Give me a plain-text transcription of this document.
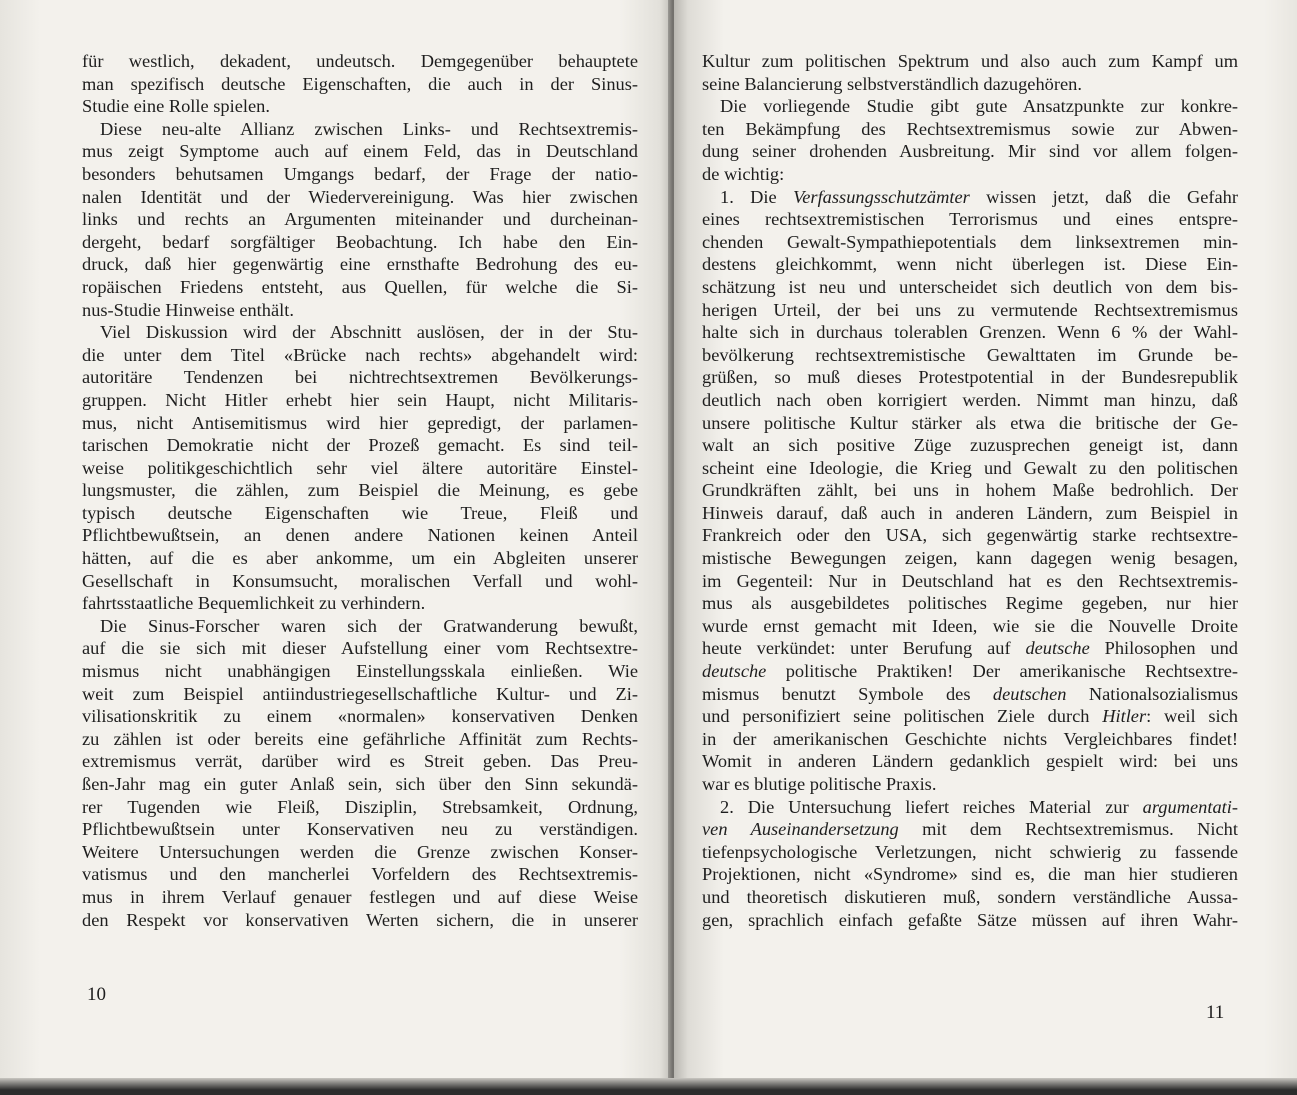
für westlich, dekadent, undeutsch. Demgegenüber behauptete
man spezifisch deutsche Eigenschaften, die auch in der Sinus-
Studie eine Rolle spielen.
Diese neu-alte Allianz zwischen Links- und Rechtsextremis-
mus zeigt Symptome auch auf einem Feld, das in Deutschland
besonders behutsamen Umgangs bedarf, der Frage der natio-
nalen Identität und der Wiedervereinigung. Was hier zwischen
links und rechts an Argumenten miteinander und durcheinan-
dergeht, bedarf sorgfältiger Beobachtung. Ich habe den Ein-
druck, daß hier gegenwärtig eine ernsthafte Bedrohung des eu-
ropäischen Friedens entsteht, aus Quellen, für welche die Si-
nus-Studie Hinweise enthält.
Viel Diskussion wird der Abschnitt auslösen, der in der Stu-
die unter dem Titel «Brücke nach rechts» abgehandelt wird:
autoritäre Tendenzen bei nichtrechtsextremen Bevölkerungs-
gruppen. Nicht Hitler erhebt hier sein Haupt, nicht Militaris-
mus, nicht Antisemitismus wird hier gepredigt, der parlamen-
tarischen Demokratie nicht der Prozeß gemacht. Es sind teil-
weise politikgeschichtlich sehr viel ältere autoritäre Einstel-
lungsmuster, die zählen, zum Beispiel die Meinung, es gebe
typisch deutsche Eigenschaften wie Treue, Fleiß und
Pflichtbewußtsein, an denen andere Nationen keinen Anteil
hätten, auf die es aber ankomme, um ein Abgleiten unserer
Gesellschaft in Konsumsucht, moralischen Verfall und wohl-
fahrtsstaatliche Bequemlichkeit zu verhindern.
Die Sinus-Forscher waren sich der Gratwanderung bewußt,
auf die sie sich mit dieser Aufstellung einer vom Rechtsextre-
mismus nicht unabhängigen Einstellungsskala einließen. Wie
weit zum Beispiel antiindustriegesellschaftliche Kultur- und Zi-
vilisationskritik zu einem «normalen» konservativen Denken
zu zählen ist oder bereits eine gefährliche Affinität zum Rechts-
extremismus verrät, darüber wird es Streit geben. Das Preu-
ßen-Jahr mag ein guter Anlaß sein, sich über den Sinn sekundä-
rer Tugenden wie Fleiß, Disziplin, Strebsamkeit, Ordnung,
Pflichtbewußtsein unter Konservativen neu zu verständigen.
Weitere Untersuchungen werden die Grenze zwischen Konser-
vatismus und den mancherlei Vorfeldern des Rechtsextremis-
mus in ihrem Verlauf genauer festlegen und auf diese Weise
den Respekt vor konservativen Werten sichern, die in unserer
10
Kultur zum politischen Spektrum und also auch zum Kampf um
seine Balancierung selbstverständlich dazugehören.
Die vorliegende Studie gibt gute Ansatzpunkte zur konkre-
ten Bekämpfung des Rechtsextremismus sowie zur Abwen-
dung seiner drohenden Ausbreitung. Mir sind vor allem folgen-
de wichtig:
1. Die Verfassungsschutzämter wissen jetzt, daß die Gefahr
eines rechtsextremistischen Terrorismus und eines entspre-
chenden Gewalt-Sympathiepotentials dem linksextremen min-
destens gleichkommt, wenn nicht überlegen ist. Diese Ein-
schätzung ist neu und unterscheidet sich deutlich von dem bis-
herigen Urteil, der bei uns zu vermutende Rechtsextremismus
halte sich in durchaus tolerablen Grenzen. Wenn 6 % der Wahl-
bevölkerung rechtsextremistische Gewalttaten im Grunde be-
grüßen, so muß dieses Protestpotential in der Bundesrepublik
deutlich nach oben korrigiert werden. Nimmt man hinzu, daß
unsere politische Kultur stärker als etwa die britische der Ge-
walt an sich positive Züge zuzusprechen geneigt ist, dann
scheint eine Ideologie, die Krieg und Gewalt zu den politischen
Grundkräften zählt, bei uns in hohem Maße bedrohlich. Der
Hinweis darauf, daß auch in anderen Ländern, zum Beispiel in
Frankreich oder den USA, sich gegenwärtig starke rechtsextre-
mistische Bewegungen zeigen, kann dagegen wenig besagen,
im Gegenteil: Nur in Deutschland hat es den Rechtsextremis-
mus als ausgebildetes politisches Regime gegeben, nur hier
wurde ernst gemacht mit Ideen, wie sie die Nouvelle Droite
heute verkündet: unter Berufung auf deutsche Philosophen und
deutsche politische Praktiken! Der amerikanische Rechtsextre-
mismus benutzt Symbole des deutschen Nationalsozialismus
und personifiziert seine politischen Ziele durch Hitler: weil sich
in der amerikanischen Geschichte nichts Vergleichbares findet!
Womit in anderen Ländern gedanklich gespielt wird: bei uns
war es blutige politische Praxis.
2. Die Untersuchung liefert reiches Material zur argumentati-
ven Auseinandersetzung mit dem Rechtsextremismus. Nicht
tiefenpsychologische Verletzungen, nicht schwierig zu fassende
Projektionen, nicht «Syndrome» sind es, die man hier studieren
und theoretisch diskutieren muß, sondern verständliche Aussa-
gen, sprachlich einfach gefaßte Sätze müssen auf ihren Wahr-
11
